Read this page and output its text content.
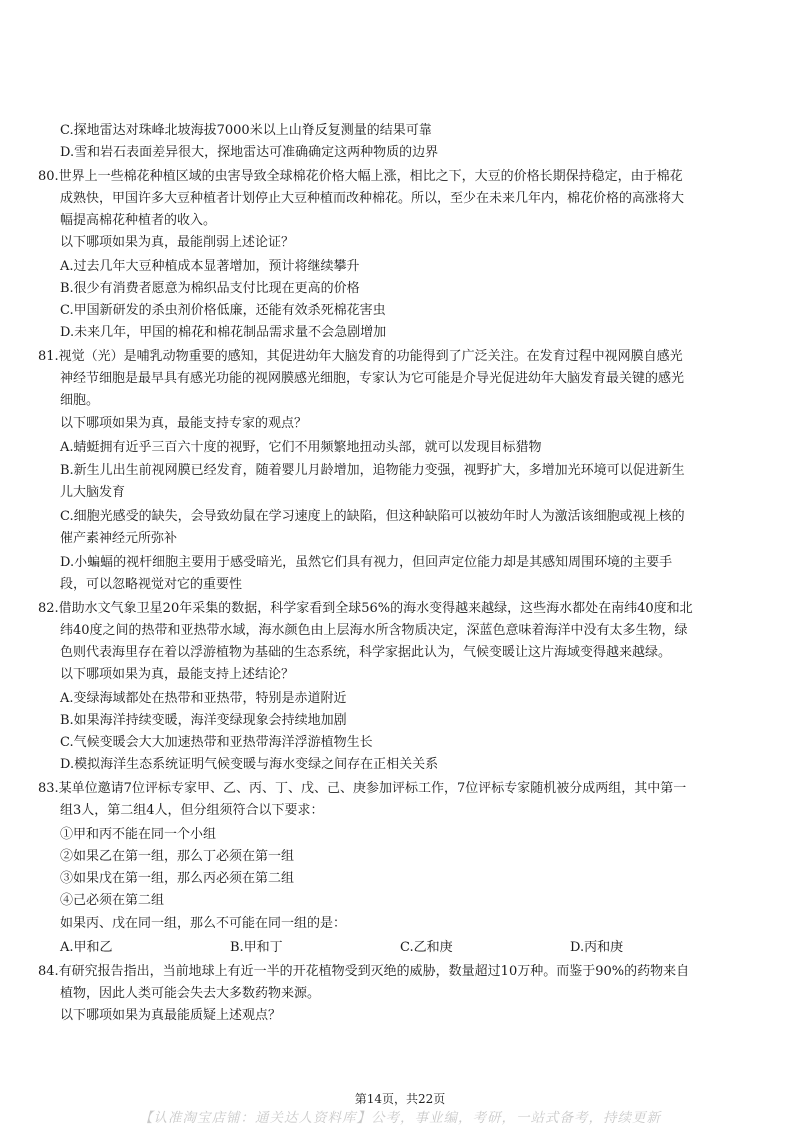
C.探地雷达对珠峰北坡海拔7000米以上山脊反复测量的结果可靠
D.雪和岩石表面差异很大，探地雷达可准确确定这两种物质的边界
80.世界上一些棉花种植区域的虫害导致全球棉花价格大幅上涨，相比之下，大豆的价格长期保持稳定，由于棉花
成熟快，甲国许多大豆种植者计划停止大豆种植而改种棉花。所以，至少在未来几年内，棉花价格的高涨将大
幅提高棉花种植者的收入。
以下哪项如果为真，最能削弱上述论证？
A.过去几年大豆种植成本显著增加，预计将继续攀升
B.很少有消费者愿意为棉织品支付比现在更高的价格
C.甲国新研发的杀虫剂价格低廉，还能有效杀死棉花害虫
D.未来几年，甲国的棉花和棉花制品需求量不会急剧增加
81.视觉（光）是哺乳动物重要的感知，其促进幼年大脑发育的功能得到了广泛关注。在发育过程中视网膜自感光
神经节细胞是最早具有感光功能的视网膜感光细胞，专家认为它可能是介导光促进幼年大脑发育最关键的感光
细胞。
以下哪项如果为真，最能支持专家的观点？
A.蜻蜓拥有近乎三百六十度的视野，它们不用频繁地扭动头部，就可以发现目标猎物
B.新生儿出生前视网膜已经发育，随着婴儿月龄增加，追物能力变强，视野扩大，多增加光环境可以促进新生
儿大脑发育
C.细胞光感受的缺失，会导致幼鼠在学习速度上的缺陷，但这种缺陷可以被幼年时人为激活该细胞或视上核的
催产素神经元所弥补
D.小蝙蝠的视杆细胞主要用于感受暗光，虽然它们具有视力，但回声定位能力却是其感知周围环境的主要手
段，可以忽略视觉对它的重要性
82.借助水文气象卫星20年采集的数据，科学家看到全球56%的海水变得越来越绿，这些海水都处在南纬40度和北
纬40度之间的热带和亚热带水域，海水颜色由上层海水所含物质决定，深蓝色意味着海洋中没有太多生物，绿
色则代表海里存在着以浮游植物为基础的生态系统，科学家据此认为，气候变暖让这片海域变得越来越绿。
以下哪项如果为真，最能支持上述结论？
A.变绿海域都处在热带和亚热带，特别是赤道附近
B.如果海洋持续变暖，海洋变绿现象会持续地加剧
C.气候变暖会大大加速热带和亚热带海洋浮游植物生长
D.模拟海洋生态系统证明气候变暖与海水变绿之间存在正相关关系
83.某单位邀请7位评标专家甲、乙、丙、丁、戊、己、庚参加评标工作，7位评标专家随机被分成两组，其中第一
组3人，第二组4人，但分组须符合以下要求：
①甲和丙不能在同一个小组
②如果乙在第一组，那么丁必须在第一组
③如果戊在第一组，那么丙必须在第二组
④己必须在第二组
如果丙、戊在同一组，那么不可能在同一组的是：
A.甲和乙	B.甲和丁	C.乙和庚	D.丙和庚
84.有研究报告指出，当前地球上有近一半的开花植物受到灭绝的威胁，数量超过10万种。而鉴于90%的药物来自
植物，因此人类可能会失去大多数药物来源。
以下哪项如果为真最能质疑上述观点？
第14页，共22页
【认准淘宝店铺：通关达人资料库】公考，事业编，考研，一站式备考，持续更新
